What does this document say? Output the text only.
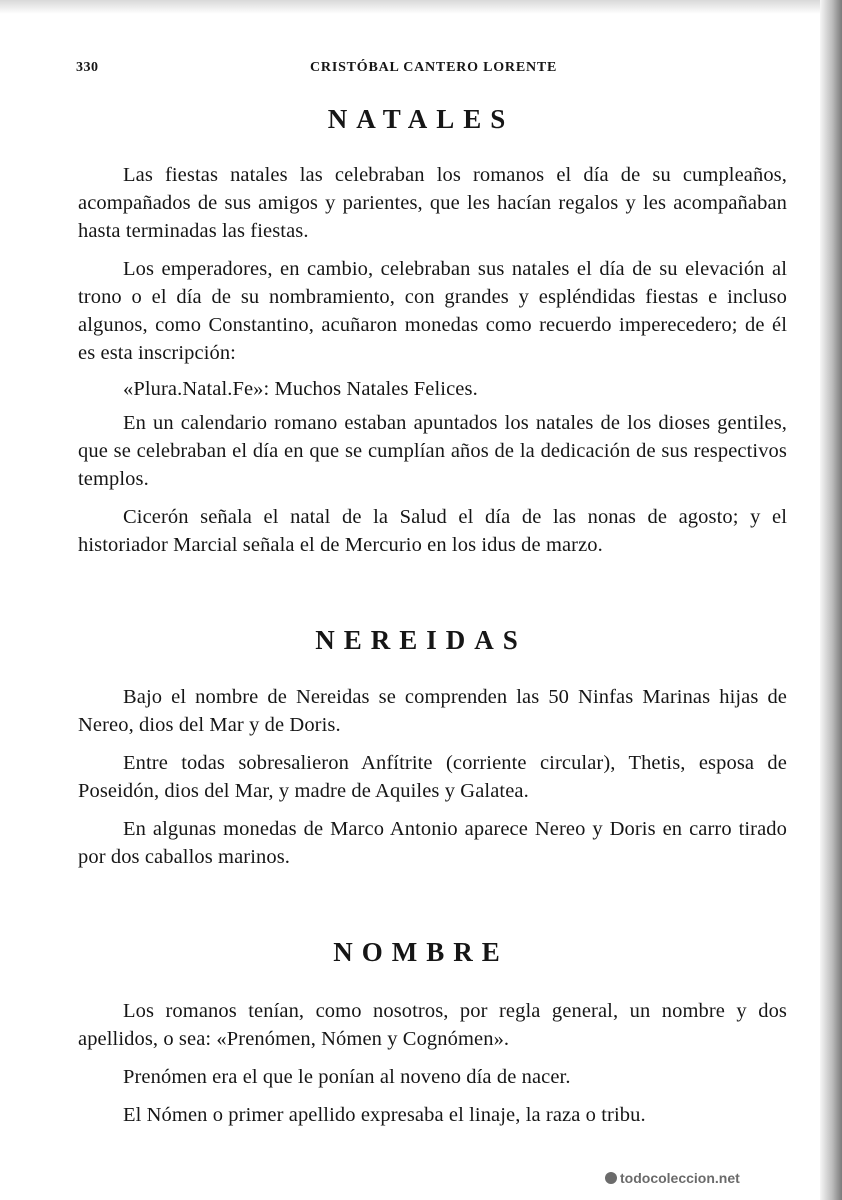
330	CRISTÓBAL CANTERO LORENTE
NATALES

Las fiestas natales las celebraban los romanos el día de su cumpleaños, acompañados de sus amigos y parientes, que les hacían regalos y les acompañaban hasta terminadas las fiestas.

Los emperadores, en cambio, celebraban sus natales el día de su elevación al trono o el día de su nombramiento, con grandes y espléndidas fiestas e incluso algunos, como Constantino, acuñaron monedas como recuerdo imperecedero; de él es esta inscripción:

«Plura.Natal.Fe»: Muchos Natales Felices.

En un calendario romano estaban apuntados los natales de los dioses gentiles, que se celebraban el día en que se cumplían años de la dedicación de sus respectivos templos.

Cicerón señala el natal de la Salud el día de las nonas de agosto; y el historiador Marcial señala el de Mercurio en los idus de marzo.

NEREIDAS

Bajo el nombre de Nereidas se comprenden las 50 Ninfas Marinas hijas de Nereo, dios del Mar y de Doris.

Entre todas sobresalieron Anfítrite (corriente circular), Thetis, esposa de Poseidón, dios del Mar, y madre de Aquiles y Galatea.

En algunas monedas de Marco Antonio aparece Nereo y Doris en carro tirado por dos caballos marinos.

NOMBRE

Los romanos tenían, como nosotros, por regla general, un nombre y dos apellidos, o sea: «Prenómen, Nómen y Cognómen».

Prenómen era el que le ponían al noveno día de nacer.

El Nómen o primer apellido expresaba el linaje, la raza o tribu.

todocoleccion.net
